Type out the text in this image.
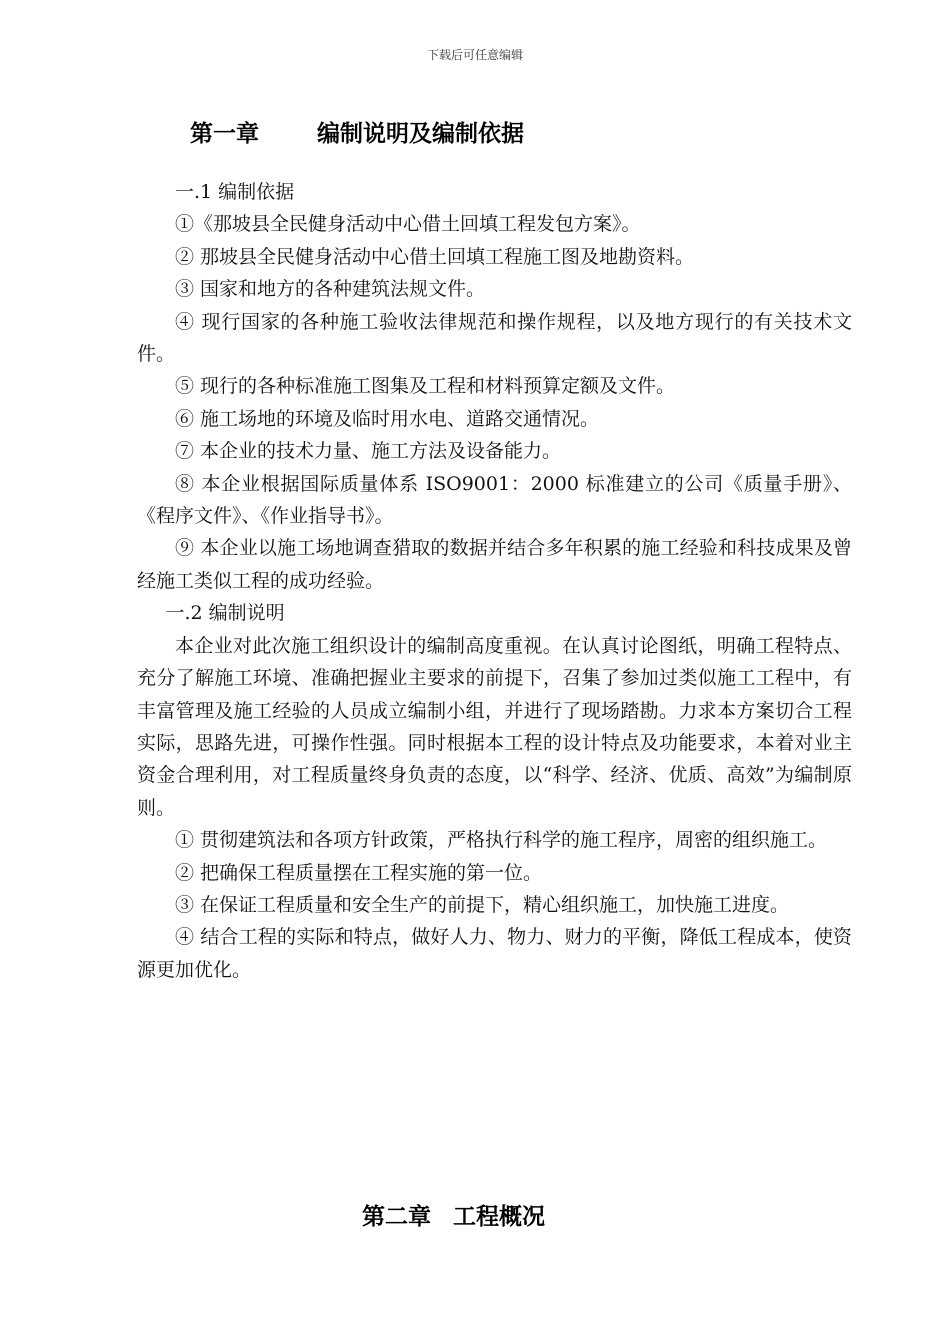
下载后可任意编辑
第一章	编制说明及编制依据

一.1 编制依据

①《那坡县全民健身活动中心借土回填工程发包方案》。

② 那坡县全民健身活动中心借土回填工程施工图及地勘资料。

③ 国家和地方的各种建筑法规文件。

④ 现行国家的各种施工验收法律规范和操作规程，以及地方现行的有关技术文件。

⑤ 现行的各种标准施工图集及工程和材料预算定额及文件。

⑥ 施工场地的环境及临时用水电、道路交通情况。

⑦ 本企业的技术力量、施工方法及设备能力。

⑧ 本企业根据国际质量体系 ISO9001：2000 标准建立的公司《质量手册》、《程序文件》、《作业指导书》。

⑨ 本企业以施工场地调查猎取的数据并结合多年积累的施工经验和科技成果及曾经施工类似工程的成功经验。

一.2 编制说明

本企业对此次施工组织设计的编制高度重视。在认真讨论图纸，明确工程特点、充分了解施工环境、准确把握业主要求的前提下，召集了参加过类似施工工程中，有丰富管理及施工经验的人员成立编制小组，并进行了现场踏勘。力求本方案切合工程实际，思路先进，可操作性强。同时根据本工程的设计特点及功能要求，本着对业主资金合理利用，对工程质量终身负责的态度，以“科学、经济、优质、高效”为编制原则。

① 贯彻建筑法和各项方针政策，严格执行科学的施工程序，周密的组织施工。

② 把确保工程质量摆在工程实施的第一位。

③ 在保证工程质量和安全生产的前提下，精心组织施工，加快施工进度。

④ 结合工程的实际和特点，做好人力、物力、财力的平衡，降低工程成本，使资源更加优化。

第二章 工程概况
